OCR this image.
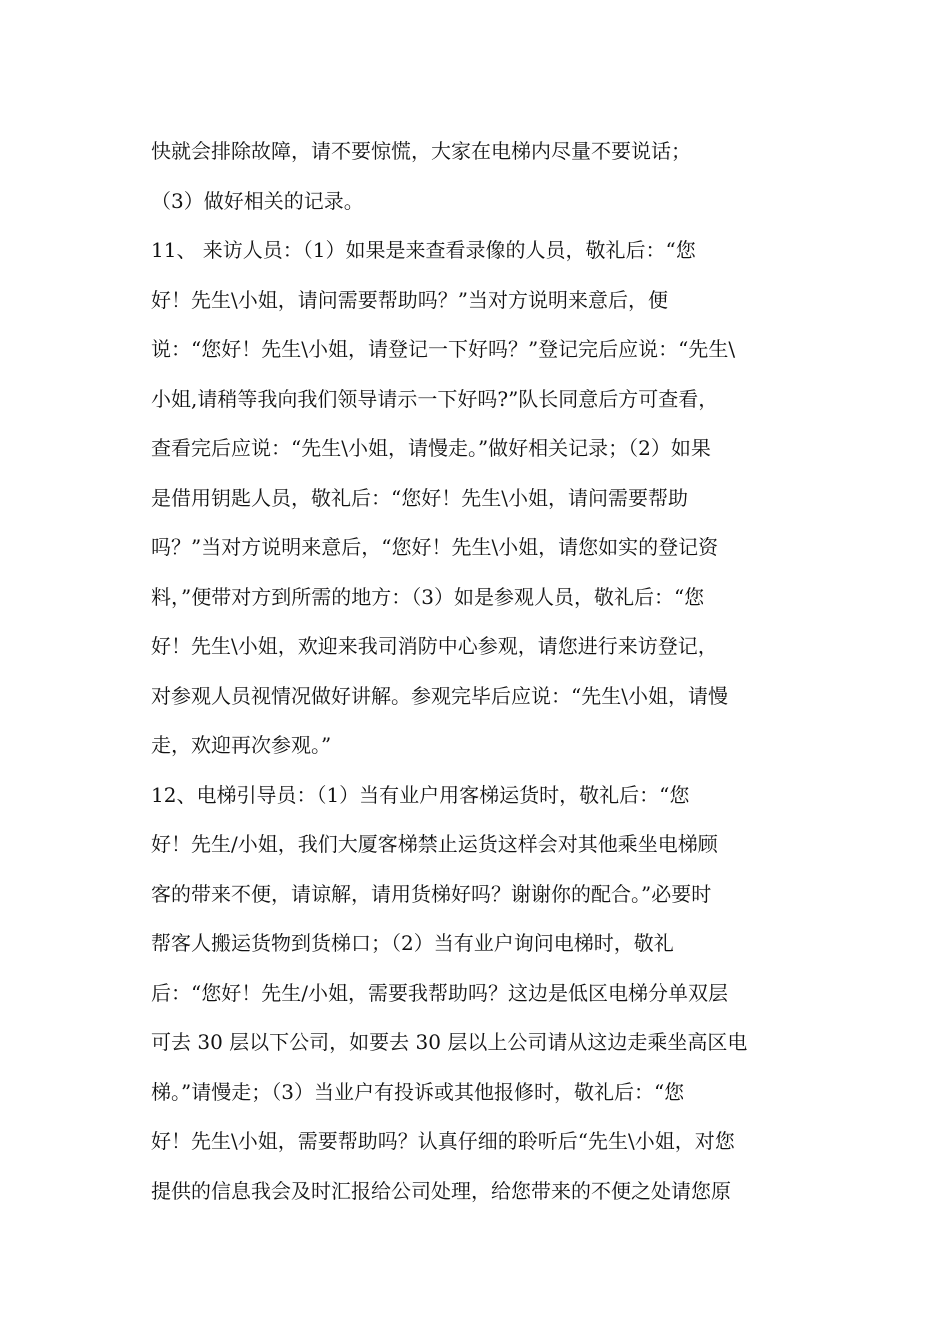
快就会排除故障，请不要惊慌，大家在电梯内尽量不要说话；
（3）做好相关的记录。
11、 来访人员：（1）如果是来查看录像的人员，敬礼后：“您
好！先生\小姐，请问需要帮助吗？”当对方说明来意后，便
说：“您好！先生\小姐，请登记一下好吗？”登记完后应说：“先生\
小姐,请稍等我向我们领导请示一下好吗?”队长同意后方可查看，
查看完后应说：“先生\小姐，请慢走。”做好相关记录；（2）如果
是借用钥匙人员，敬礼后：“您好！先生\小姐，请问需要帮助
吗？”当对方说明来意后，“您好！先生\小姐，请您如实的登记资
料，”便带对方到所需的地方：（3）如是参观人员，敬礼后：“您
好！先生\小姐，欢迎来我司消防中心参观，请您进行来访登记，
对参观人员视情况做好讲解。参观完毕后应说：“先生\小姐，请慢
走，欢迎再次参观。”
12、电梯引导员：（1）当有业户用客梯运货时，敬礼后：“您
好！先生/小姐，我们大厦客梯禁止运货这样会对其他乘坐电梯顾
客的带来不便，请谅解，请用货梯好吗？谢谢你的配合。”必要时
帮客人搬运货物到货梯口；（2）当有业户询问电梯时，敬礼
后：“您好！先生/小姐，需要我帮助吗？这边是低区电梯分单双层
可去 30 层以下公司，如要去 30 层以上公司请从这边走乘坐高区电
梯。”请慢走；（3）当业户有投诉或其他报修时，敬礼后：“您
好！先生\小姐，需要帮助吗？认真仔细的聆听后“先生\小姐，对您
提供的信息我会及时汇报给公司处理，给您带来的不便之处请您原
